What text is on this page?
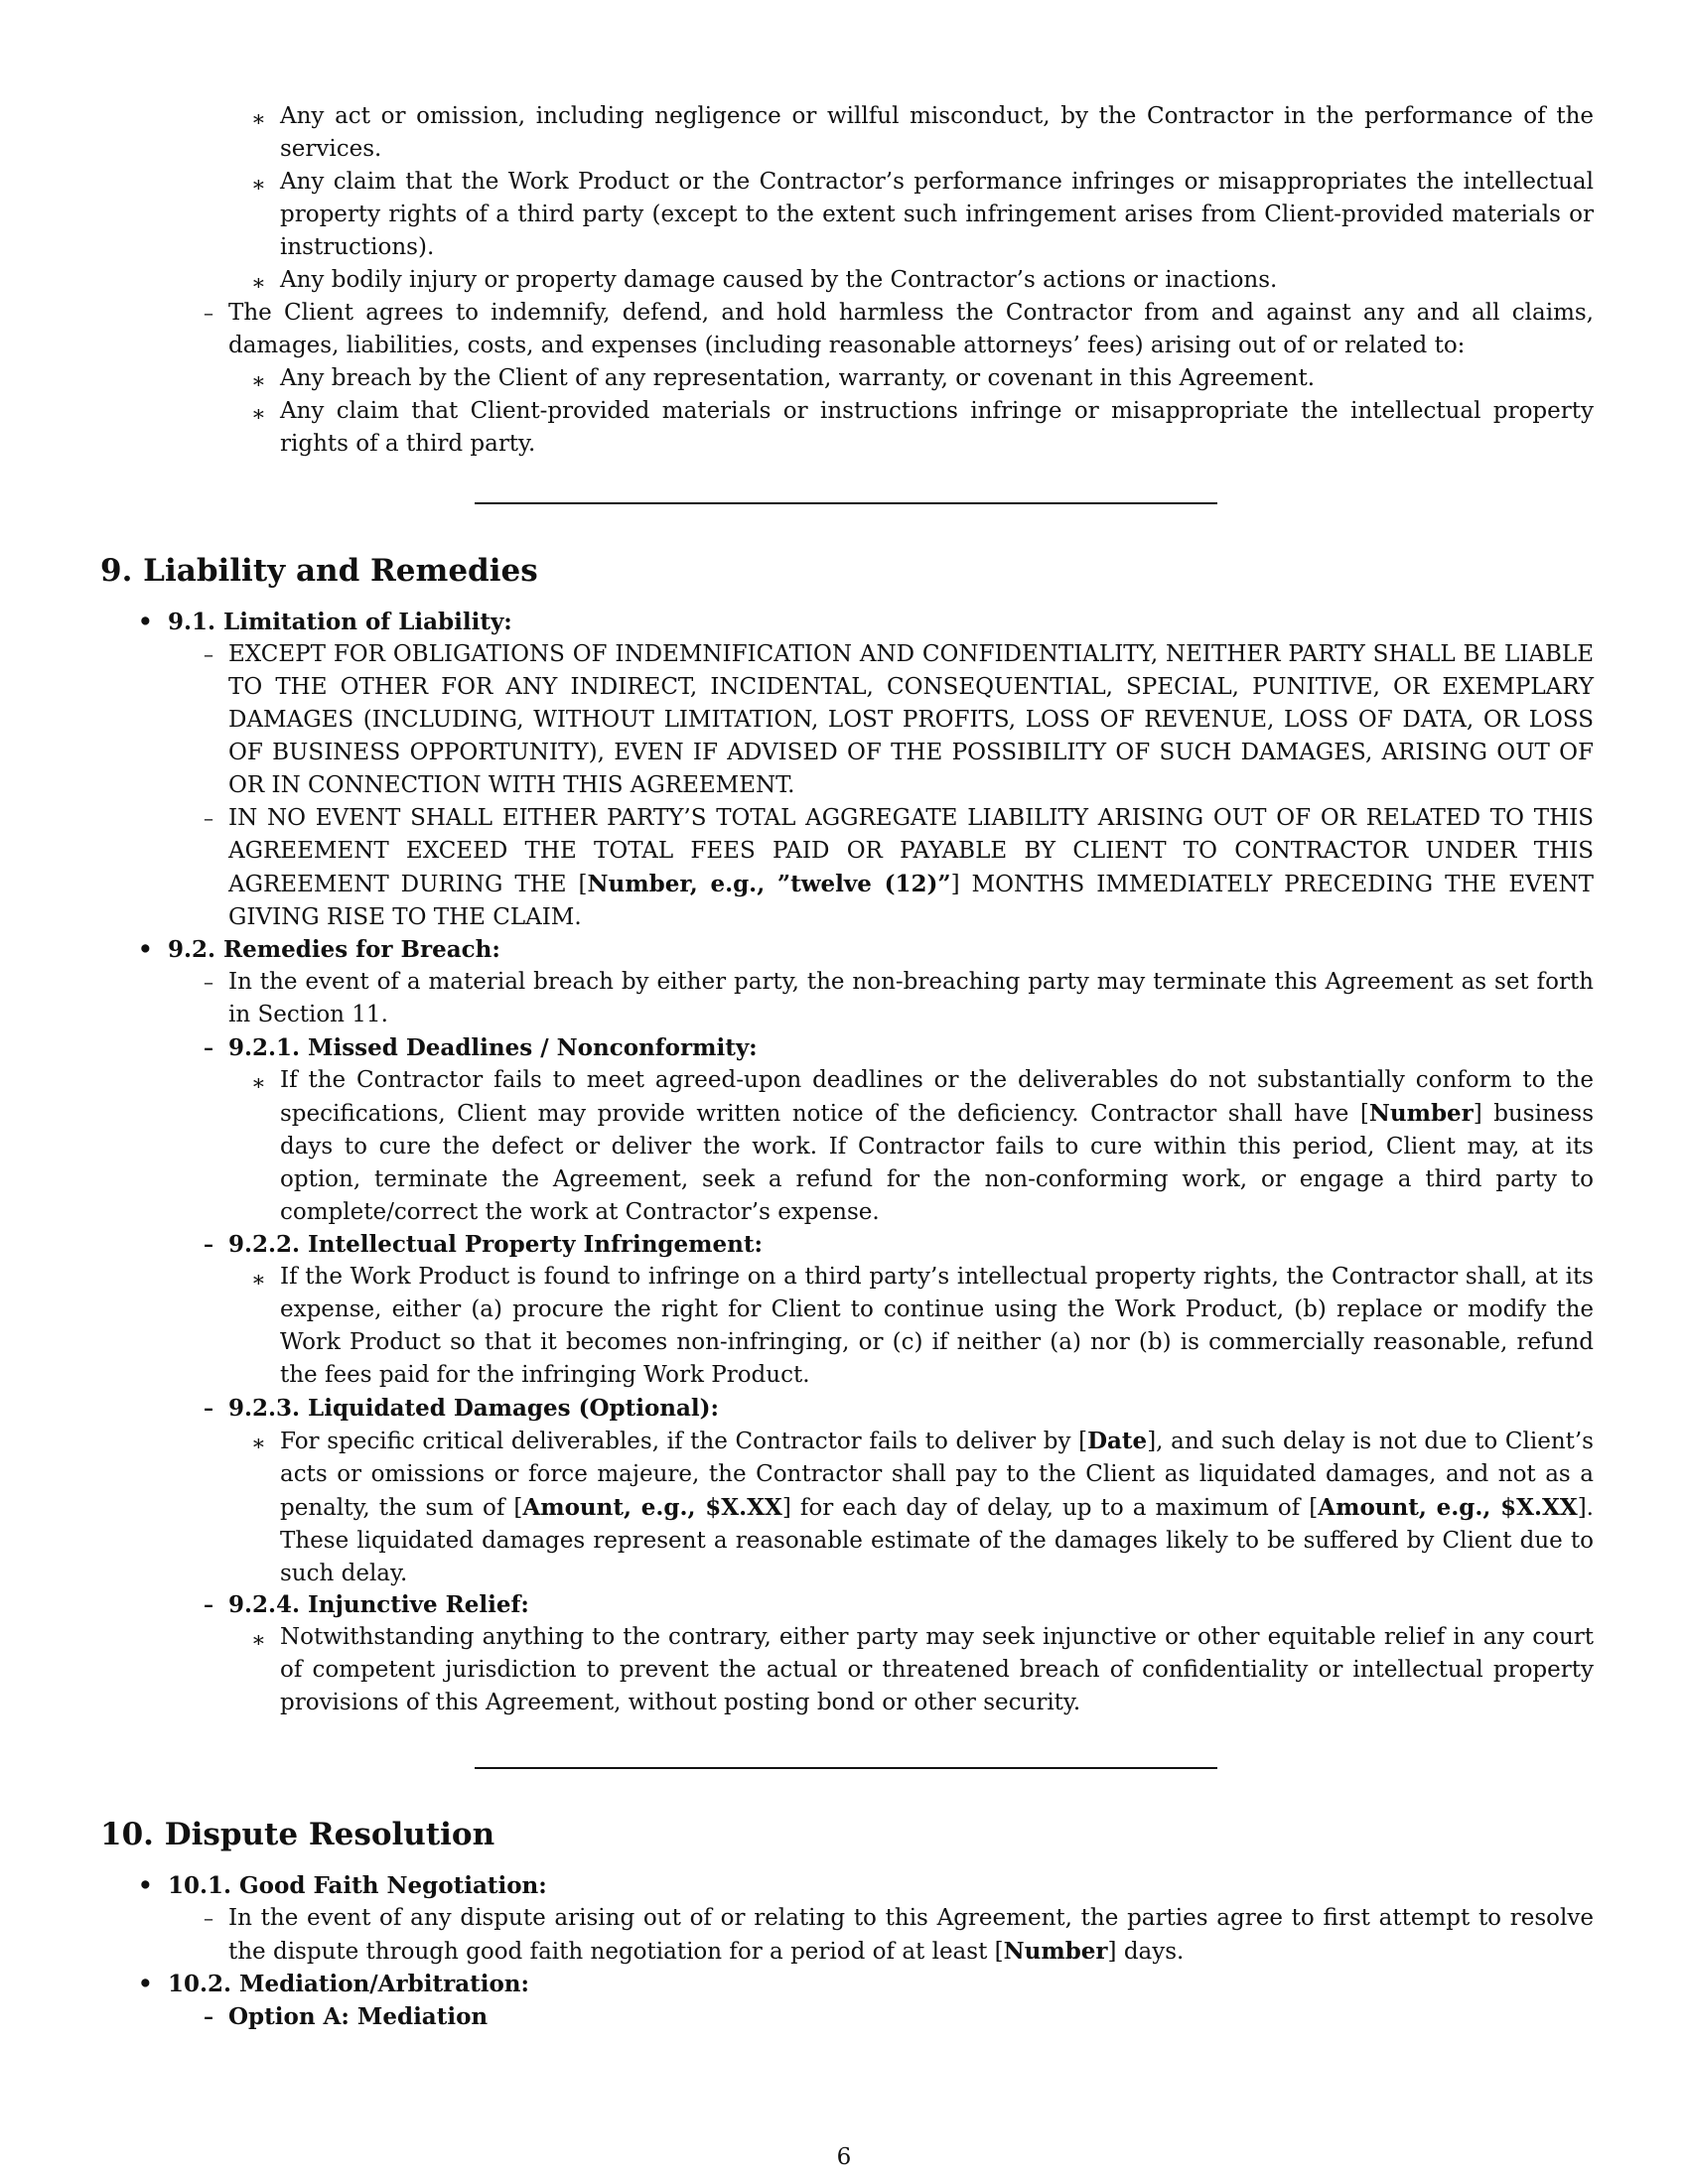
∗ Any act or omission, including negligence or willful misconduct, by the Contractor in the performance of the services.

∗ Any claim that the Work Product or the Contractor’s performance infringes or misappropriates the intellectual property rights of a third party (except to the extent such infringement arises from Client-provided materials or instructions).

∗ Any bodily injury or property damage caused by the Contractor’s actions or inactions.

– The Client agrees to indemnify, defend, and hold harmless the Contractor from and against any and all claims, damages, liabilities, costs, and expenses (including reasonable attorneys’ fees) arising out of or related to:

∗ Any breach by the Client of any representation, warranty, or covenant in this Agreement.

∗ Any claim that Client-provided materials or instructions infringe or misappropriate the intellectual property rights of a third party.

9. Liability and Remedies

• 9.1. Limitation of Liability:

– EXCEPT FOR OBLIGATIONS OF INDEMNIFICATION AND CONFIDENTIALITY, NEITHER PARTY SHALL BE LIABLE TO THE OTHER FOR ANY INDIRECT, INCIDENTAL, CONSEQUENTIAL, SPECIAL, PUNITIVE, OR EXEMPLARY DAMAGES (INCLUDING, WITHOUT LIMITATION, LOST PROFITS, LOSS OF REVENUE, LOSS OF DATA, OR LOSS OF BUSINESS OPPORTUNITY), EVEN IF ADVISED OF THE POSSIBILITY OF SUCH DAMAGES, ARISING OUT OF OR IN CONNECTION WITH THIS AGREEMENT.

– IN NO EVENT SHALL EITHER PARTY’S TOTAL AGGREGATE LIABILITY ARISING OUT OF OR RELATED TO THIS AGREEMENT EXCEED THE TOTAL FEES PAID OR PAYABLE BY CLIENT TO CONTRACTOR UNDER THIS AGREEMENT DURING THE [Number, e.g., ”twelve (12)”] MONTHS IMMEDIATELY PRECEDING THE EVENT GIVING RISE TO THE CLAIM.

• 9.2. Remedies for Breach:

– In the event of a material breach by either party, the non-breaching party may terminate this Agreement as set forth in Section 11.

– 9.2.1. Missed Deadlines / Nonconformity:

∗ If the Contractor fails to meet agreed-upon deadlines or the deliverables do not substantially conform to the specifications, Client may provide written notice of the deficiency. Contractor shall have [Number] business days to cure the defect or deliver the work. If Contractor fails to cure within this period, Client may, at its option, terminate the Agreement, seek a refund for the non-conforming work, or engage a third party to complete/correct the work at Contractor’s expense.

– 9.2.2. Intellectual Property Infringement:

∗ If the Work Product is found to infringe on a third party’s intellectual property rights, the Contractor shall, at its expense, either (a) procure the right for Client to continue using the Work Product, (b) replace or modify the Work Product so that it becomes non-infringing, or (c) if neither (a) nor (b) is commercially reasonable, refund the fees paid for the infringing Work Product.

– 9.2.3. Liquidated Damages (Optional):

∗ For specific critical deliverables, if the Contractor fails to deliver by [Date], and such delay is not due to Client’s acts or omissions or force majeure, the Contractor shall pay to the Client as liquidated damages, and not as a penalty, the sum of [Amount, e.g., $X.XX] for each day of delay, up to a maximum of [Amount, e.g., $X.XX]. These liquidated damages represent a reasonable estimate of the damages likely to be suffered by Client due to such delay.

– 9.2.4. Injunctive Relief:

∗ Notwithstanding anything to the contrary, either party may seek injunctive or other equitable relief in any court of competent jurisdiction to prevent the actual or threatened breach of confidentiality or intellectual property provisions of this Agreement, without posting bond or other security.

10. Dispute Resolution

• 10.1. Good Faith Negotiation:

– In the event of any dispute arising out of or relating to this Agreement, the parties agree to first attempt to resolve the dispute through good faith negotiation for a period of at least [Number] days.

• 10.2. Mediation/Arbitration:

– Option A: Mediation

6
